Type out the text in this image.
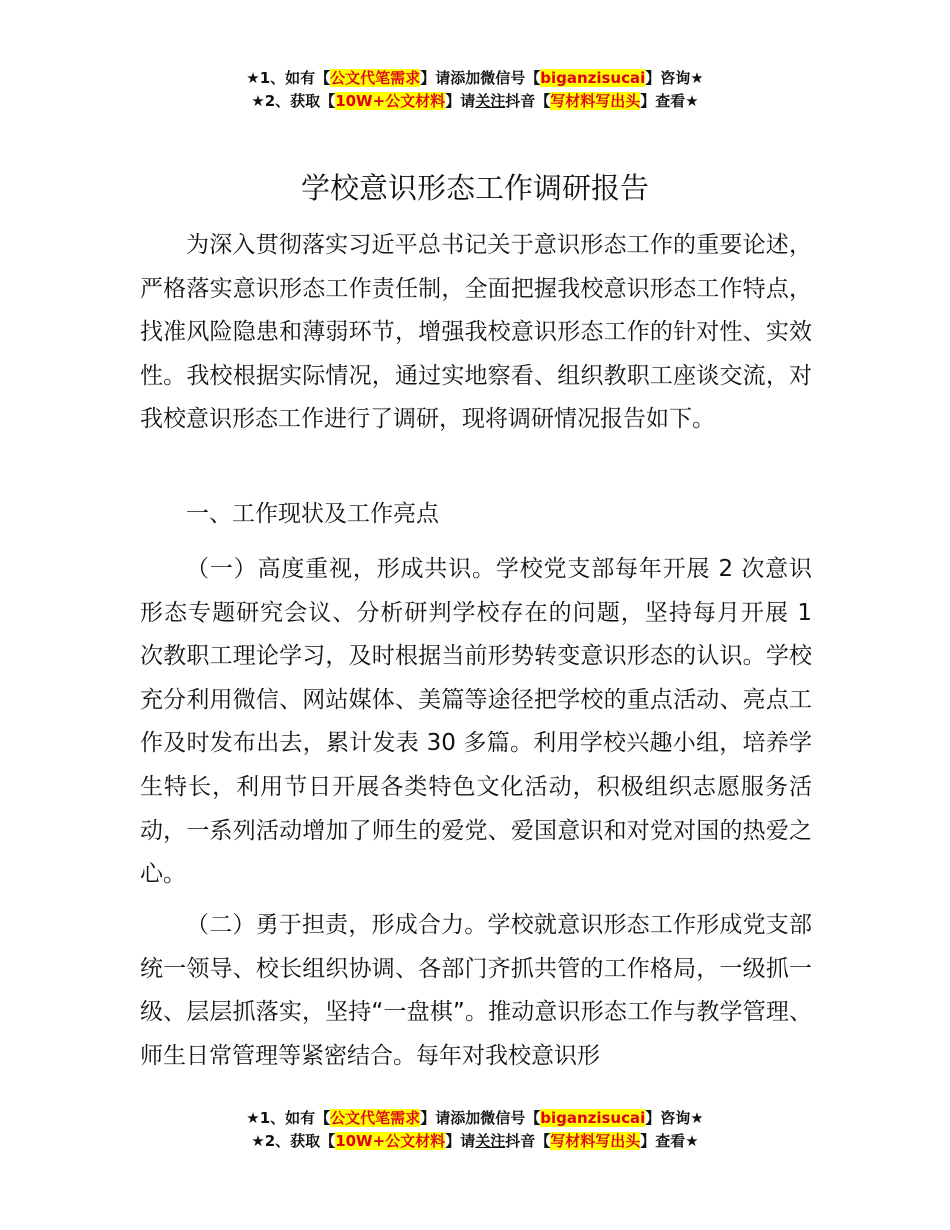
★1、如有【公文代笔需求】请添加微信号【biganzisucai】咨询★
★2、获取【10W+公文材料】请关注抖音【写材料写出头】查看★
学校意识形态工作调研报告

为深入贯彻落实习近平总书记关于意识形态工作的重要论述，严格落实意识形态工作责任制，全面把握我校意识形态工作特点，找准风险隐患和薄弱环节，增强我校意识形态工作的针对性、实效性。我校根据实际情况，通过实地察看、组织教职工座谈交流，对我校意识形态工作进行了调研，现将调研情况报告如下。

一、工作现状及工作亮点

（一）高度重视，形成共识。学校党支部每年开展 2 次意识形态专题研究会议、分析研判学校存在的问题，坚持每月开展 1 次教职工理论学习，及时根据当前形势转变意识形态的认识。学校充分利用微信、网站媒体、美篇等途径把学校的重点活动、亮点工作及时发布出去，累计发表 30 多篇。利用学校兴趣小组，培养学生特长，利用节日开展各类特色文化活动，积极组织志愿服务活动，一系列活动增加了师生的爱党、爱国意识和对党对国的热爱之心。

（二）勇于担责，形成合力。学校就意识形态工作形成党支部统一领导、校长组织协调、各部门齐抓共管的工作格局，一级抓一级、层层抓落实，坚持“一盘棋”。推动意识形态工作与教学管理、师生日常管理等紧密结合。每年对我校意识形

★1、如有【公文代笔需求】请添加微信号【biganzisucai】咨询★
★2、获取【10W+公文材料】请关注抖音【写材料写出头】查看★
